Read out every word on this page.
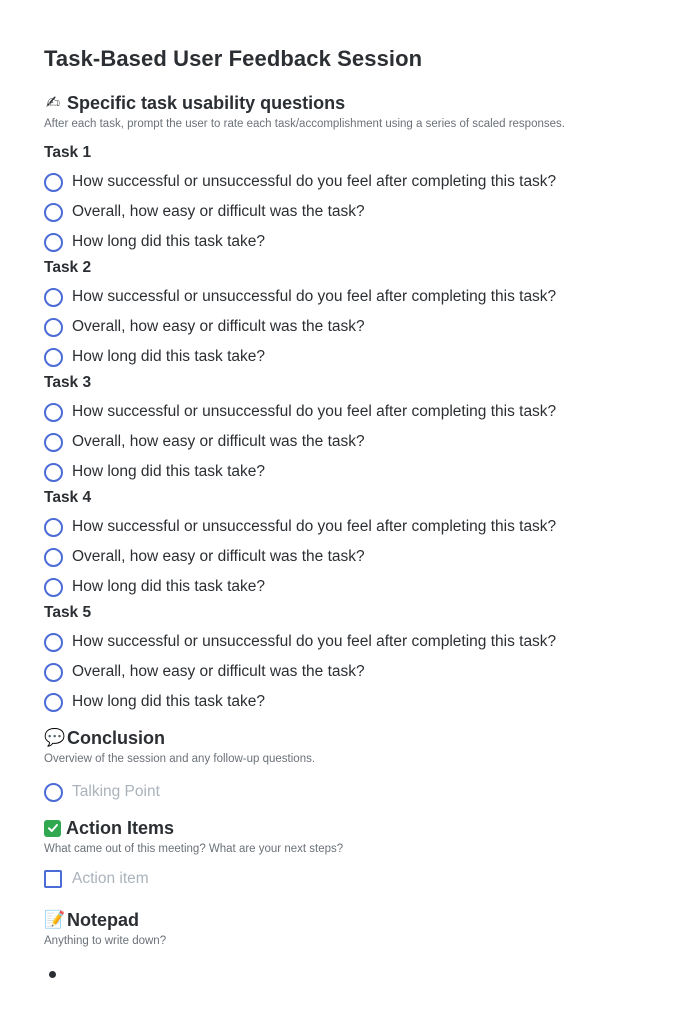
Task-Based User Feedback Session
✍ Specific task usability questions
After each task, prompt the user to rate each task/accomplishment using a series of scaled responses.
Task 1
How successful or unsuccessful do you feel after completing this task?
Overall, how easy or difficult was the task?
How long did this task take?
Task 2
How successful or unsuccessful do you feel after completing this task?
Overall, how easy or difficult was the task?
How long did this task take?
Task 3
How successful or unsuccessful do you feel after completing this task?
Overall, how easy or difficult was the task?
How long did this task take?
Task 4
How successful or unsuccessful do you feel after completing this task?
Overall, how easy or difficult was the task?
How long did this task take?
Task 5
How successful or unsuccessful do you feel after completing this task?
Overall, how easy or difficult was the task?
How long did this task take?
💬 Conclusion
Overview of the session and any follow-up questions.
Talking Point
Action Items
What came out of this meeting? What are your next steps?
Action item
📝 Notepad
Anything to write down?
